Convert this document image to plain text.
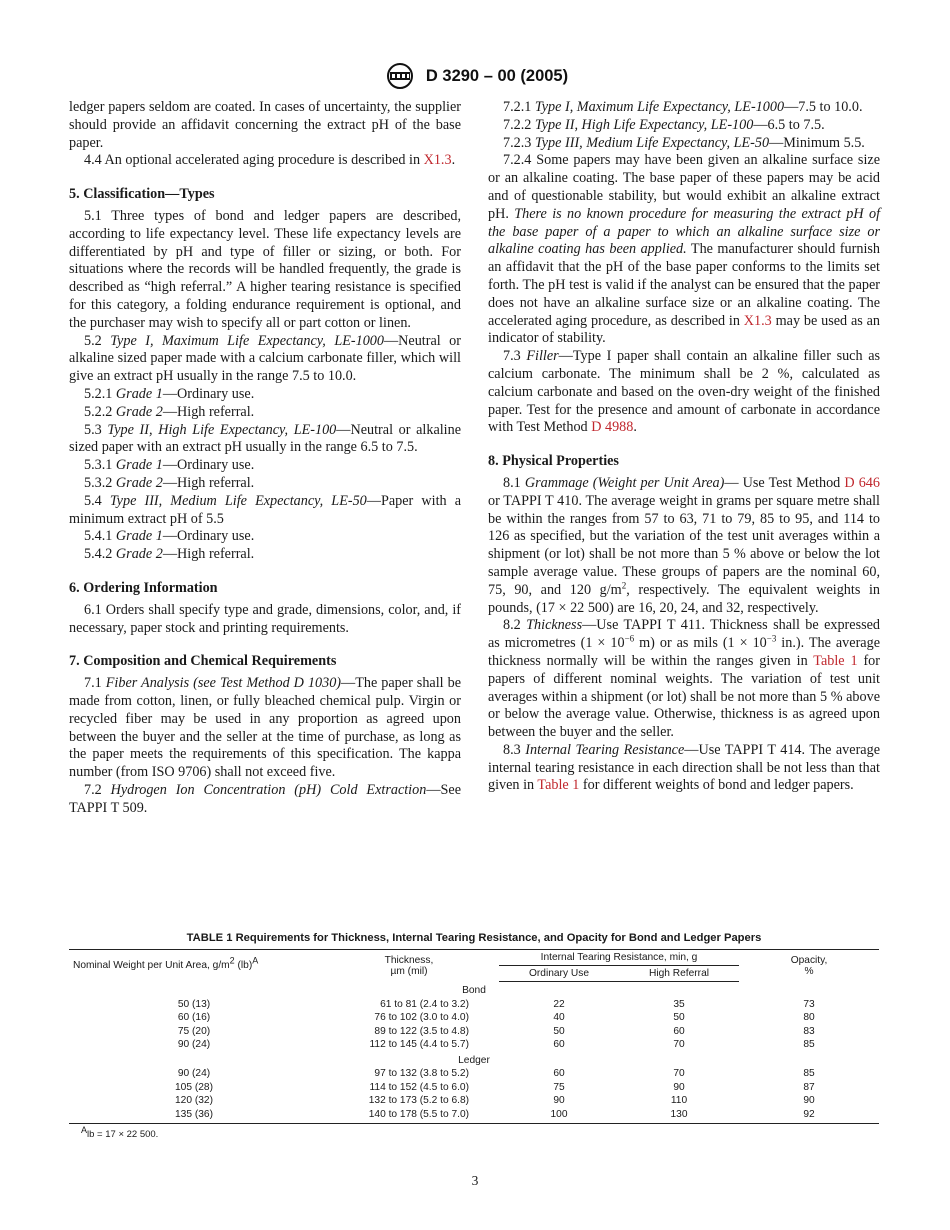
D 3290 – 00 (2005)

ledger papers seldom are coated. In cases of uncertainty, the supplier should provide an affidavit concerning the extract pH of the base paper.

4.4 An optional accelerated aging procedure is described in X1.3.

5. Classification—Types

5.1 Three types of bond and ledger papers are described, according to life expectancy level. These life expectancy levels are differentiated by pH and type of filler or sizing, or both. For situations where the records will be handled frequently, the grade is described as “high referral.” A higher tearing resistance is specified for this category, a folding endurance requirement is optional, and the purchaser may wish to specify all or part cotton or linen.

5.2 Type I, Maximum Life Expectancy, LE-1000—Neutral or alkaline sized paper made with a calcium carbonate filler, which will give an extract pH usually in the range 7.5 to 10.0.

5.2.1 Grade 1—Ordinary use.

5.2.2 Grade 2—High referral.

5.3 Type II, High Life Expectancy, LE-100—Neutral or alkaline sized paper with an extract pH usually in the range 6.5 to 7.5.

5.3.1 Grade 1—Ordinary use.

5.3.2 Grade 2—High referral.

5.4 Type III, Medium Life Expectancy, LE-50—Paper with a minimum extract pH of 5.5

5.4.1 Grade 1—Ordinary use.

5.4.2 Grade 2—High referral.

6. Ordering Information

6.1 Orders shall specify type and grade, dimensions, color, and, if necessary, paper stock and printing requirements.

7. Composition and Chemical Requirements

7.1 Fiber Analysis (see Test Method D 1030)—The paper shall be made from cotton, linen, or fully bleached chemical pulp. Virgin or recycled fiber may be used in any proportion as agreed upon between the buyer and the seller at the time of purchase, as long as the paper meets the requirements of this specification. The kappa number (from ISO 9706) shall not exceed five.

7.2 Hydrogen Ion Concentration (pH) Cold Extraction—See TAPPI T 509.

7.2.1 Type I, Maximum Life Expectancy, LE-1000—7.5 to 10.0.

7.2.2 Type II, High Life Expectancy, LE-100—6.5 to 7.5.

7.2.3 Type III, Medium Life Expectancy, LE-50—Minimum 5.5.

7.2.4 Some papers may have been given an alkaline surface size or an alkaline coating. The base paper of these papers may be acid and of questionable stability, but would exhibit an alkaline extract pH. There is no known procedure for measuring the extract pH of the base paper of a paper to which an alkaline surface size or alkaline coating has been applied. The manufacturer should furnish an affidavit that the pH of the base paper conforms to the limits set forth. The pH test is valid if the analyst can be ensured that the paper does not have an alkaline surface size or an alkaline coating. The accelerated aging procedure, as described in X1.3 may be used as an indicator of stability.

7.3 Filler—Type I paper shall contain an alkaline filler such as calcium carbonate. The minimum shall be 2 %, calculated as calcium carbonate and based on the oven-dry weight of the finished paper. Test for the presence and amount of carbonate in accordance with Test Method D 4988.

8. Physical Properties

8.1 Grammage (Weight per Unit Area)— Use Test Method D 646 or TAPPI T 410. The average weight in grams per square metre shall be within the ranges from 57 to 63, 71 to 79, 85 to 95, and 114 to 126 as specified, but the variation of the test unit averages within a shipment (or lot) shall be not more than 5 % above or below the lot sample average value. These groups of papers are the nominal 60, 75, 90, and 120 $g/m^2$, respectively. The equivalent weights in pounds, (17 × 22 500) are 16, 20, 24, and 32, respectively.

8.2 Thickness—Use TAPPI T 411. Thickness shall be expressed as micrometres ($1 \times 10^{-6}$ m) or as mils ($1 \times 10^{-3}$ in.). The average thickness normally will be within the ranges given in Table 1 for papers of different nominal weights. The variation of test unit averages within a shipment (or lot) shall be not more than 5 % above or below the average value. Otherwise, thickness is as agreed upon between the buyer and the seller.

8.3 Internal Tearing Resistance—Use TAPPI T 414. The average internal tearing resistance in each direction shall be not less than that given in Table 1 for different weights of bond and ledger papers.

TABLE 1 Requirements for Thickness, Internal Tearing Resistance, and Opacity for Bond and Ledger Papers
Nominal Weight per Unit Area, $g/m^2$ (lb)$^A$	Thickness,
µm (mil)	Internal Tearing Resistance, min, g		Opacity,
%
		Ordinary Use	High Referral	
Bond				
50 (13)	61 to 81 (2.4 to 3.2)	22	35	73
60 (16)	76 to 102 (3.0 to 4.0)	40	50	80
75 (20)	89 to 122 (3.5 to 4.8)	50	60	83
90 (24)	112 to 145 (4.4 to 5.7)	60	70	85
Ledger				
90 (24)	97 to 132 (3.8 to 5.2)	60	70	85
105 (28)	114 to 152 (4.5 to 6.0)	75	90	87
120 (32)	132 to 173 (5.2 to 6.8)	90	110	90
135 (36)	140 to 178 (5.5 to 7.0)	100	130	92
$^A$lb = 17 × 22 500.
3
